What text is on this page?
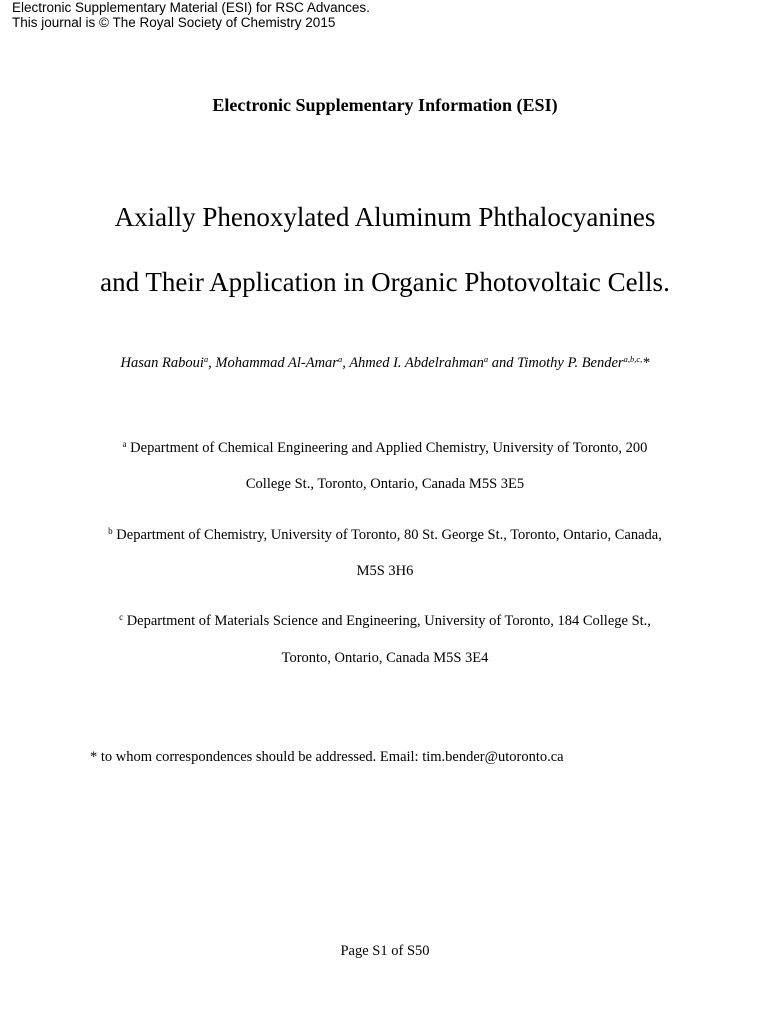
Electronic Supplementary Material (ESI) for RSC Advances.
This journal is © The Royal Society of Chemistry 2015
Electronic Supplementary Information (ESI)
Axially Phenoxylated Aluminum Phthalocyanines
and Their Application in Organic Photovoltaic Cells.
Hasan Raboui$^a$, Mohammad Al-Amar$^a$, Ahmed I. Abdelrahman$^a$ and Timothy P. Bender$^{a,b,c,}$*
$^a$ Department of Chemical Engineering and Applied Chemistry, University of Toronto, 200
College St., Toronto, Ontario, Canada M5S 3E5
$^b$ Department of Chemistry, University of Toronto, 80 St. George St., Toronto, Ontario, Canada,
M5S 3H6
$^c$ Department of Materials Science and Engineering, University of Toronto, 184 College St.,
Toronto, Ontario, Canada M5S 3E4
* to whom correspondences should be addressed. Email: tim.bender@utoronto.ca
Page S1 of S50
